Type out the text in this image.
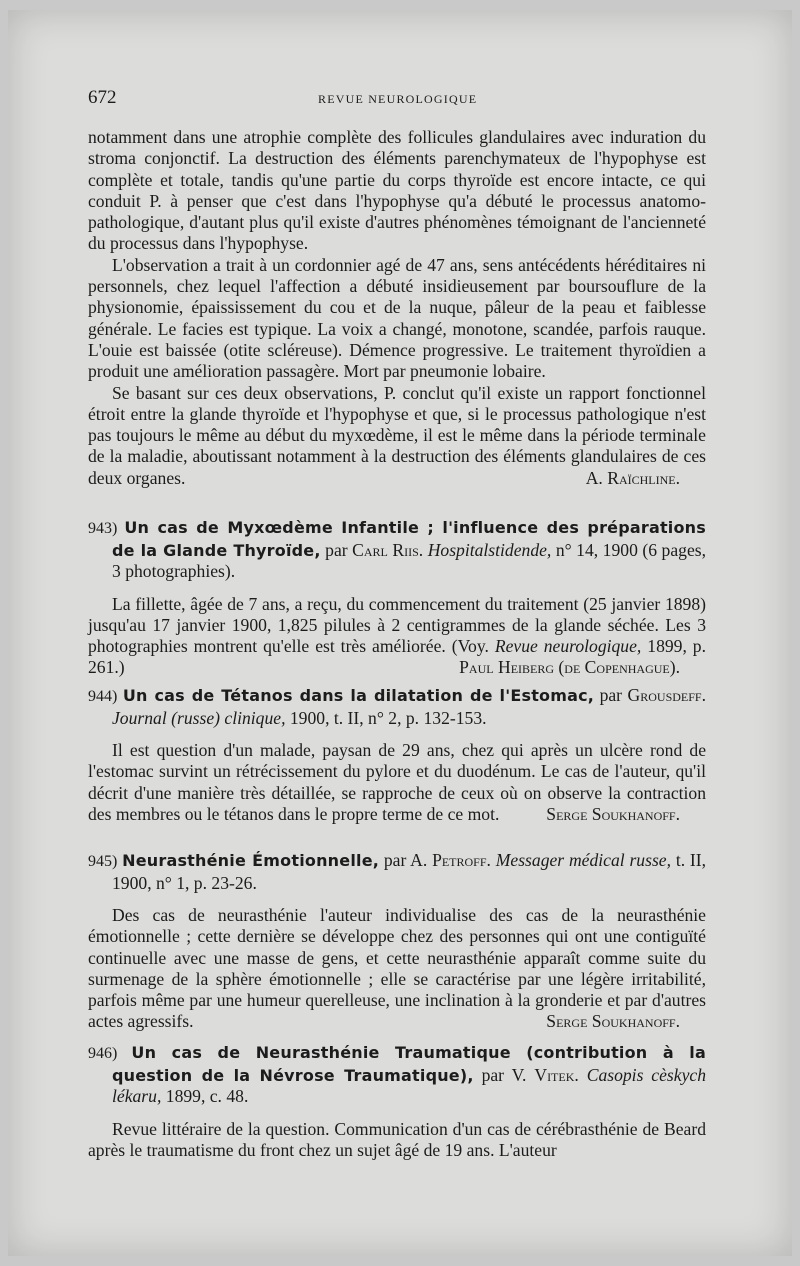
672	REVUE NEUROLOGIQUE

notamment dans une atrophie complète des follicules glandulaires avec induration du stroma conjonctif. La destruction des éléments parenchymateux de l'hypophyse est complète et totale, tandis qu'une partie du corps thyroïde est encore intacte, ce qui conduit P. à penser que c'est dans l'hypophyse qu'a débuté le processus anatomo-pathologique, d'autant plus qu'il existe d'autres phénomènes témoignant de l'ancienneté du processus dans l'hypophyse.

L'observation a trait à un cordonnier agé de 47 ans, sens antécédents héréditaires ni personnels, chez lequel l'affection a débuté insidieusement par boursouflure de la physionomie, épaississement du cou et de la nuque, pâleur de la peau et faiblesse générale. Le facies est typique. La voix a changé, monotone, scandée, parfois rauque. L'ouie est baissée (otite scléreuse). Démence progressive. Le traitement thyroïdien a produit une amélioration passagère. Mort par pneumonie lobaire.

Se basant sur ces deux observations, P. conclut qu'il existe un rapport fonctionnel étroit entre la glande thyroïde et l'hypophyse et que, si le processus pathologique n'est pas toujours le même au début du myxœdème, il est le même dans la période terminale de la maladie, aboutissant notamment à la destruction des éléments glandulaires de ces deux organes.	A. Raïchline.

943) Un cas de Myxœdème Infantile ; l'influence des préparations de la Glande Thyroïde, par Carl Riis. Hospitalstidende, n° 14, 1900 (6 pages, 3 photographies).

La fillette, âgée de 7 ans, a reçu, du commencement du traitement (25 janvier 1898) jusqu'au 17 janvier 1900, 1,825 pilules à 2 centigrammes de la glande séchée. Les 3 photographies montrent qu'elle est très améliorée. (Voy. Revue neurologique, 1899, p. 261.)	Paul Heiberg (de Copenhague).

944) Un cas de Tétanos dans la dilatation de l'Estomac, par Grousdeff. Journal (russe) clinique, 1900, t. II, n° 2, p. 132-153.

Il est question d'un malade, paysan de 29 ans, chez qui après un ulcère rond de l'estomac survint un rétrécissement du pylore et du duodénum. Le cas de l'auteur, qu'il décrit d'une manière très détaillée, se rapproche de ceux où on observe la contraction des membres ou le tétanos dans le propre terme de ce mot.	Serge Soukhanoff.

945) Neurasthénie Émotionnelle, par A. Petroff. Messager médical russe, t. II, 1900, n° 1, p. 23-26.

Des cas de neurasthénie l'auteur individualise des cas de la neurasthénie émotionnelle ; cette dernière se développe chez des personnes qui ont une contiguïté continuelle avec une masse de gens, et cette neurasthénie apparaît comme suite du surmenage de la sphère émotionnelle ; elle se caractérise par une légère irritabilité, parfois même par une humeur querelleuse, une inclination à la gronderie et par d'autres actes agressifs.	Serge Soukhanoff.

946) Un cas de Neurasthénie Traumatique (contribution à la question de la Névrose Traumatique), par V. Vitek. Casopis cèskych lékaru, 1899, c. 48.

Revue littéraire de la question. Communication d'un cas de cérébrasthénie de Beard après le traumatisme du front chez un sujet âgé de 19 ans. L'auteur
